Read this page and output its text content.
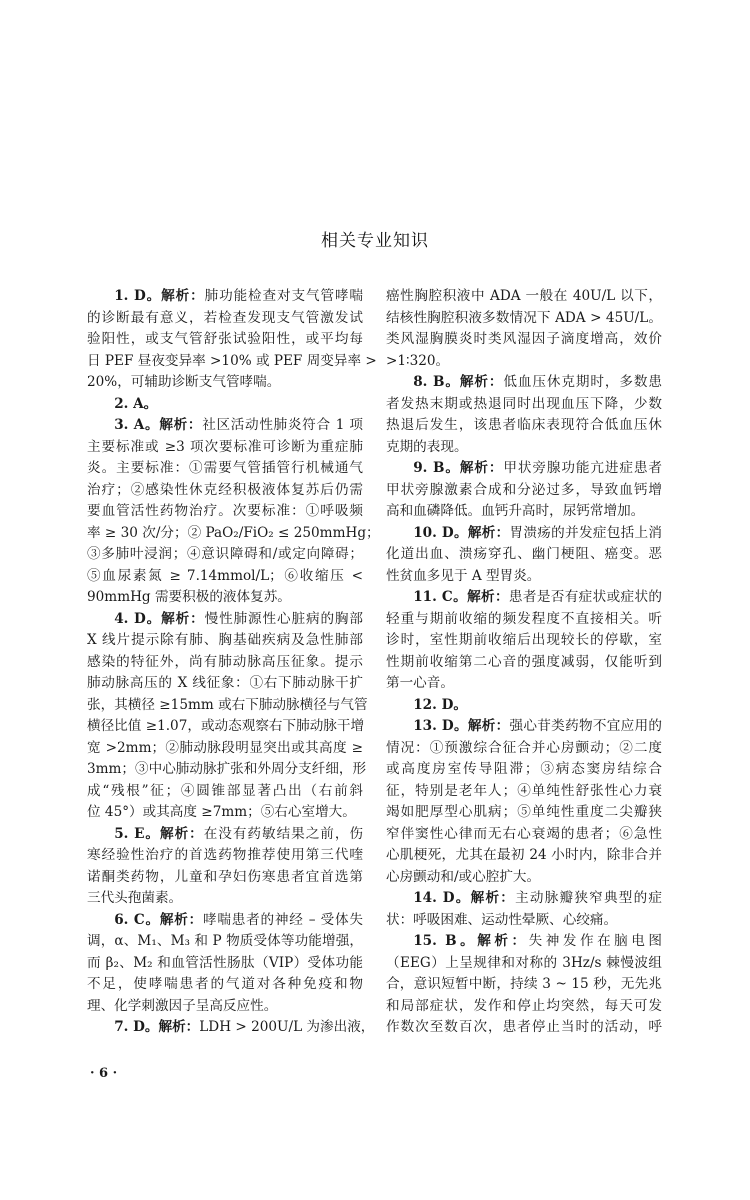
相关专业知识
1. D。解析：肺功能检查对支气管哮喘
的诊断最有意义，若检查发现支气管激发试
验阳性，或支气管舒张试验阳性，或平均每
日 PEF 昼夜变异率 >10% 或 PEF 周变异率 >
20%，可辅助诊断支气管哮喘。
2. A。
3. A。解析：社区活动性肺炎符合 1 项
主要标准或 ≥3 项次要标准可诊断为重症肺
炎。主要标准：①需要气管插管行机械通气
治疗；②感染性休克经积极液体复苏后仍需
要血管活性药物治疗。次要标准：①呼吸频
率 ≥ 30 次/分；② PaO₂/FiO₂ ≤ 250mmHg；
③多肺叶浸润；④意识障碍和/或定向障碍；
⑤血尿素氮 ≥ 7.14mmol/L；⑥收缩压 <
90mmHg 需要积极的液体复苏。
4. D。解析：慢性肺源性心脏病的胸部
X 线片提示除有肺、胸基础疾病及急性肺部
感染的特征外，尚有肺动脉高压征象。提示
肺动脉高压的 X 线征象：①右下肺动脉干扩
张，其横径 ≥15mm 或右下肺动脉横径与气管
横径比值 ≥1.07，或动态观察右下肺动脉干增
宽 >2mm；②肺动脉段明显突出或其高度 ≥
3mm；③中心肺动脉扩张和外周分支纤细，形
成“残根”征；④圆锥部显著凸出（右前斜
位 45°）或其高度 ≥7mm；⑤右心室增大。
5. E。解析：在没有药敏结果之前，伤
寒经验性治疗的首选药物推荐使用第三代喹
诺酮类药物，儿童和孕妇伤寒患者宜首选第
三代头孢菌素。
6. C。解析：哮喘患者的神经 – 受体失
调，α、M₁、M₃ 和 P 物质受体等功能增强，
而 β₂、M₂ 和血管活性肠肽（VIP）受体功能
不足，使哮喘患者的气道对各种免疫和物
理、化学刺激因子呈高反应性。
7. D。解析：LDH > 200U/L 为渗出液，
癌性胸腔积液中 ADA 一般在 40U/L 以下，
结核性胸腔积液多数情况下 ADA > 45U/L。
类风湿胸膜炎时类风湿因子滴度增高，效价
>1∶320。
8. B。解析：低血压休克期时，多数患
者发热末期或热退同时出现血压下降，少数
热退后发生，该患者临床表现符合低血压休
克期的表现。
9. B。解析：甲状旁腺功能亢进症患者
甲状旁腺激素合成和分泌过多，导致血钙增
高和血磷降低。血钙升高时，尿钙常增加。
10. D。解析：胃溃疡的并发症包括上消
化道出血、溃疡穿孔、幽门梗阻、癌变。恶
性贫血多见于 A 型胃炎。
11. C。解析：患者是否有症状或症状的
轻重与期前收缩的频发程度不直接相关。听
诊时，室性期前收缩后出现较长的停歇，室
性期前收缩第二心音的强度减弱，仅能听到
第一心音。
12. D。
13. D。解析：强心苷类药物不宜应用的
情况：①预激综合征合并心房颤动；②二度
或高度房室传导阻滞；③病态窦房结综合
征，特别是老年人；④单纯性舒张性心力衰
竭如肥厚型心肌病；⑤单纯性重度二尖瓣狭
窄伴窦性心律而无右心衰竭的患者；⑥急性
心肌梗死，尤其在最初 24 小时内，除非合并
心房颤动和/或心腔扩大。
14. D。解析：主动脉瓣狭窄典型的症
状：呼吸困难、运动性晕厥、心绞痛。
15. B。解析：失神发作在脑电图
（EEG）上呈规律和对称的 3Hz/s 棘慢波组
合，意识短暂中断，持续 3 ~ 15 秒，无先兆
和局部症状，发作和停止均突然，每天可发
作数次至数百次，患者停止当时的活动，呼
· 6 ·
